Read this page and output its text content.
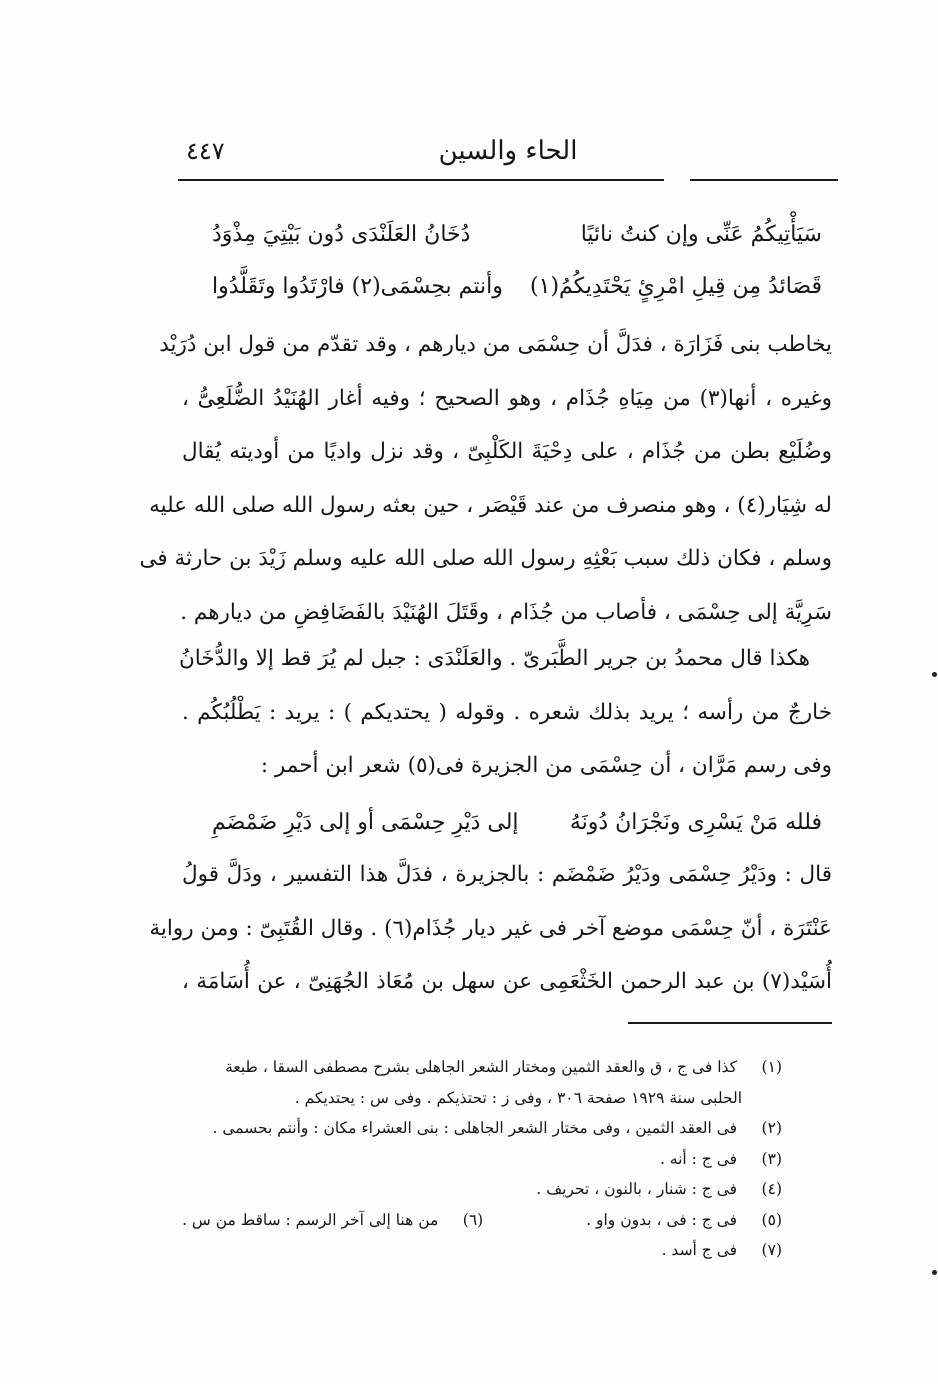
الحاء والسين
٤٤٧
سَيَأْتِيكُمُ عَنِّى وإن كنتُ نائيًا
دُخَانُ العَلَنْدَى دُون بَيْتِيَ مِذْوَدُ
قَصَائدُ مِن قِيلِ امْرِئٍ يَحْتَدِيكُمُ(١)
وأنتم بحِسْمَى(٢) فارْتَدُوا وتَقَلَّدُوا
يخاطب بنى فَزَارَة ، فدَلَّ أن حِسْمَى من ديارهم ، وقد تقدّم من قول ابن دُرَيْد
وغيره ، أنها(٣) من مِيَاهِ جُذَام ، وهو الصحيح ؛ وفيه أغار الهُنَيْدُ الضُّلَعِىُّ ،
وضُلَيْع بطن من جُذَام ، على دِحْيَةَ الكَلْبِىّ ، وقد نزل واديًا من أوديته يُقال
له شِيَار(٤) ، وهو منصرف من عند قَيْصَر ، حين بعثه رسول الله صلى الله عليه
وسلم ، فكان ذلك سبب بَعْثِهِ رسول الله صلى الله عليه وسلم زَيْدَ بن حارثة فى
سَرِيَّة إلى حِسْمَى ، فأصاب من جُذَام ، وقَتَلَ الهُنَيْدَ بالفَضَافِضِ من ديارهم .
هكذا قال محمدُ بن جرير الطَّبَرىّ . والعَلَنْدَى : جبل لم يُرَ قط إلا والدُّخَانُ
خارجٌ من رأسه ؛ يريد بذلك شعره . وقوله ( يحتديكم ) : يريد : يَطْلُبُكُم .
وفى رسم مَرَّان ، أن حِسْمَى من الجزيرة فى(٥) شعر ابن أحمر :
فلله مَنْ يَسْرِى ونَجْرَانُ دُونَهُ
إلى دَيْرِ حِسْمَى أو إلى دَيْرِ ضَمْضَمِ
قال : ودَيْرُ حِسْمَى ودَيْرُ ضَمْضَم : بالجزيرة ، فدَلَّ هذا التفسير ، ودَلَّ قولُ
عَنْتَرَة ، أنّ حِسْمَى موضع آخر فى غير ديار جُذَام(٦) . وقال القُتَبِىّ : ومن رواية
أُسَيْد(٧) بن عبد الرحمن الخَثْعَمِى عن سهل بن مُعَاذ الجُهَنِىّ ، عن أُسَامَة ،
(١) كذا فى ج ، ق والعقد الثمين ومختار الشعر الجاهلى بشرح مصطفى السقا ، طبعة
الحلبى سنة ١٩٢٩ صفحة ٣٠٦ ، وفى ز : تحتذيكم . وفى س : يحتديكم .
(٢) فى العقد الثمين ، وفى مختار الشعر الجاهلى : بنى العشراء مكان : وأنتم بحسمى .
(٣) فى ج : أنه .
(٤) فى ج : شنار ، بالنون ، تحريف .
(٥) فى ج : فى ، بدون واو .
(٦) من هنا إلى آخر الرسم : ساقط من س .
(٧) فى ج أسد .
